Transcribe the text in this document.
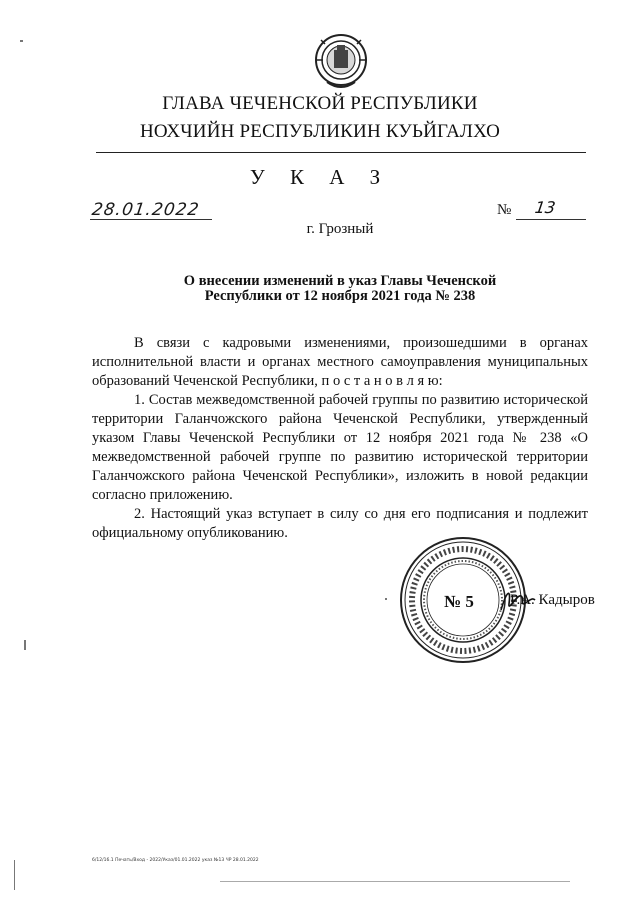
ГЛАВА ЧЕЧЕНСКОЙ РЕСПУБЛИКИ
НОХЧИЙН РЕСПУБЛИКИН КУЬЙГАЛХО
У К А З
28.01.2022	№ 13
г. Грозный
О внесении изменений в указ Главы Чеченской Республики от 12 ноября 2021 года № 238
В связи с кадровыми изменениями, произошедшими в органах исполнительной власти и органах местного самоуправления муниципальных образований Чеченской Республики, п о с т а н о в л я ю:
1. Состав межведомственной рабочей группы по развитию исторической территории Галанчожского района Чеченской Республики, утвержденный указом Главы Чеченской Республики от 12 ноября 2021 года № 238 «О межведомственной рабочей группе по развитию исторической территории Галанчожского района Чеченской Республики», изложить в новой редакции согласно приложению.
2. Настоящий указ вступает в силу со дня его подписания и подлежит официальному опубликованию.
№ 5 Р.А. Кадыров
6/12/16.1 Печать/Вход - 2022/Указ/01.01.2022 указ №13 ЧР 28.01.2022
